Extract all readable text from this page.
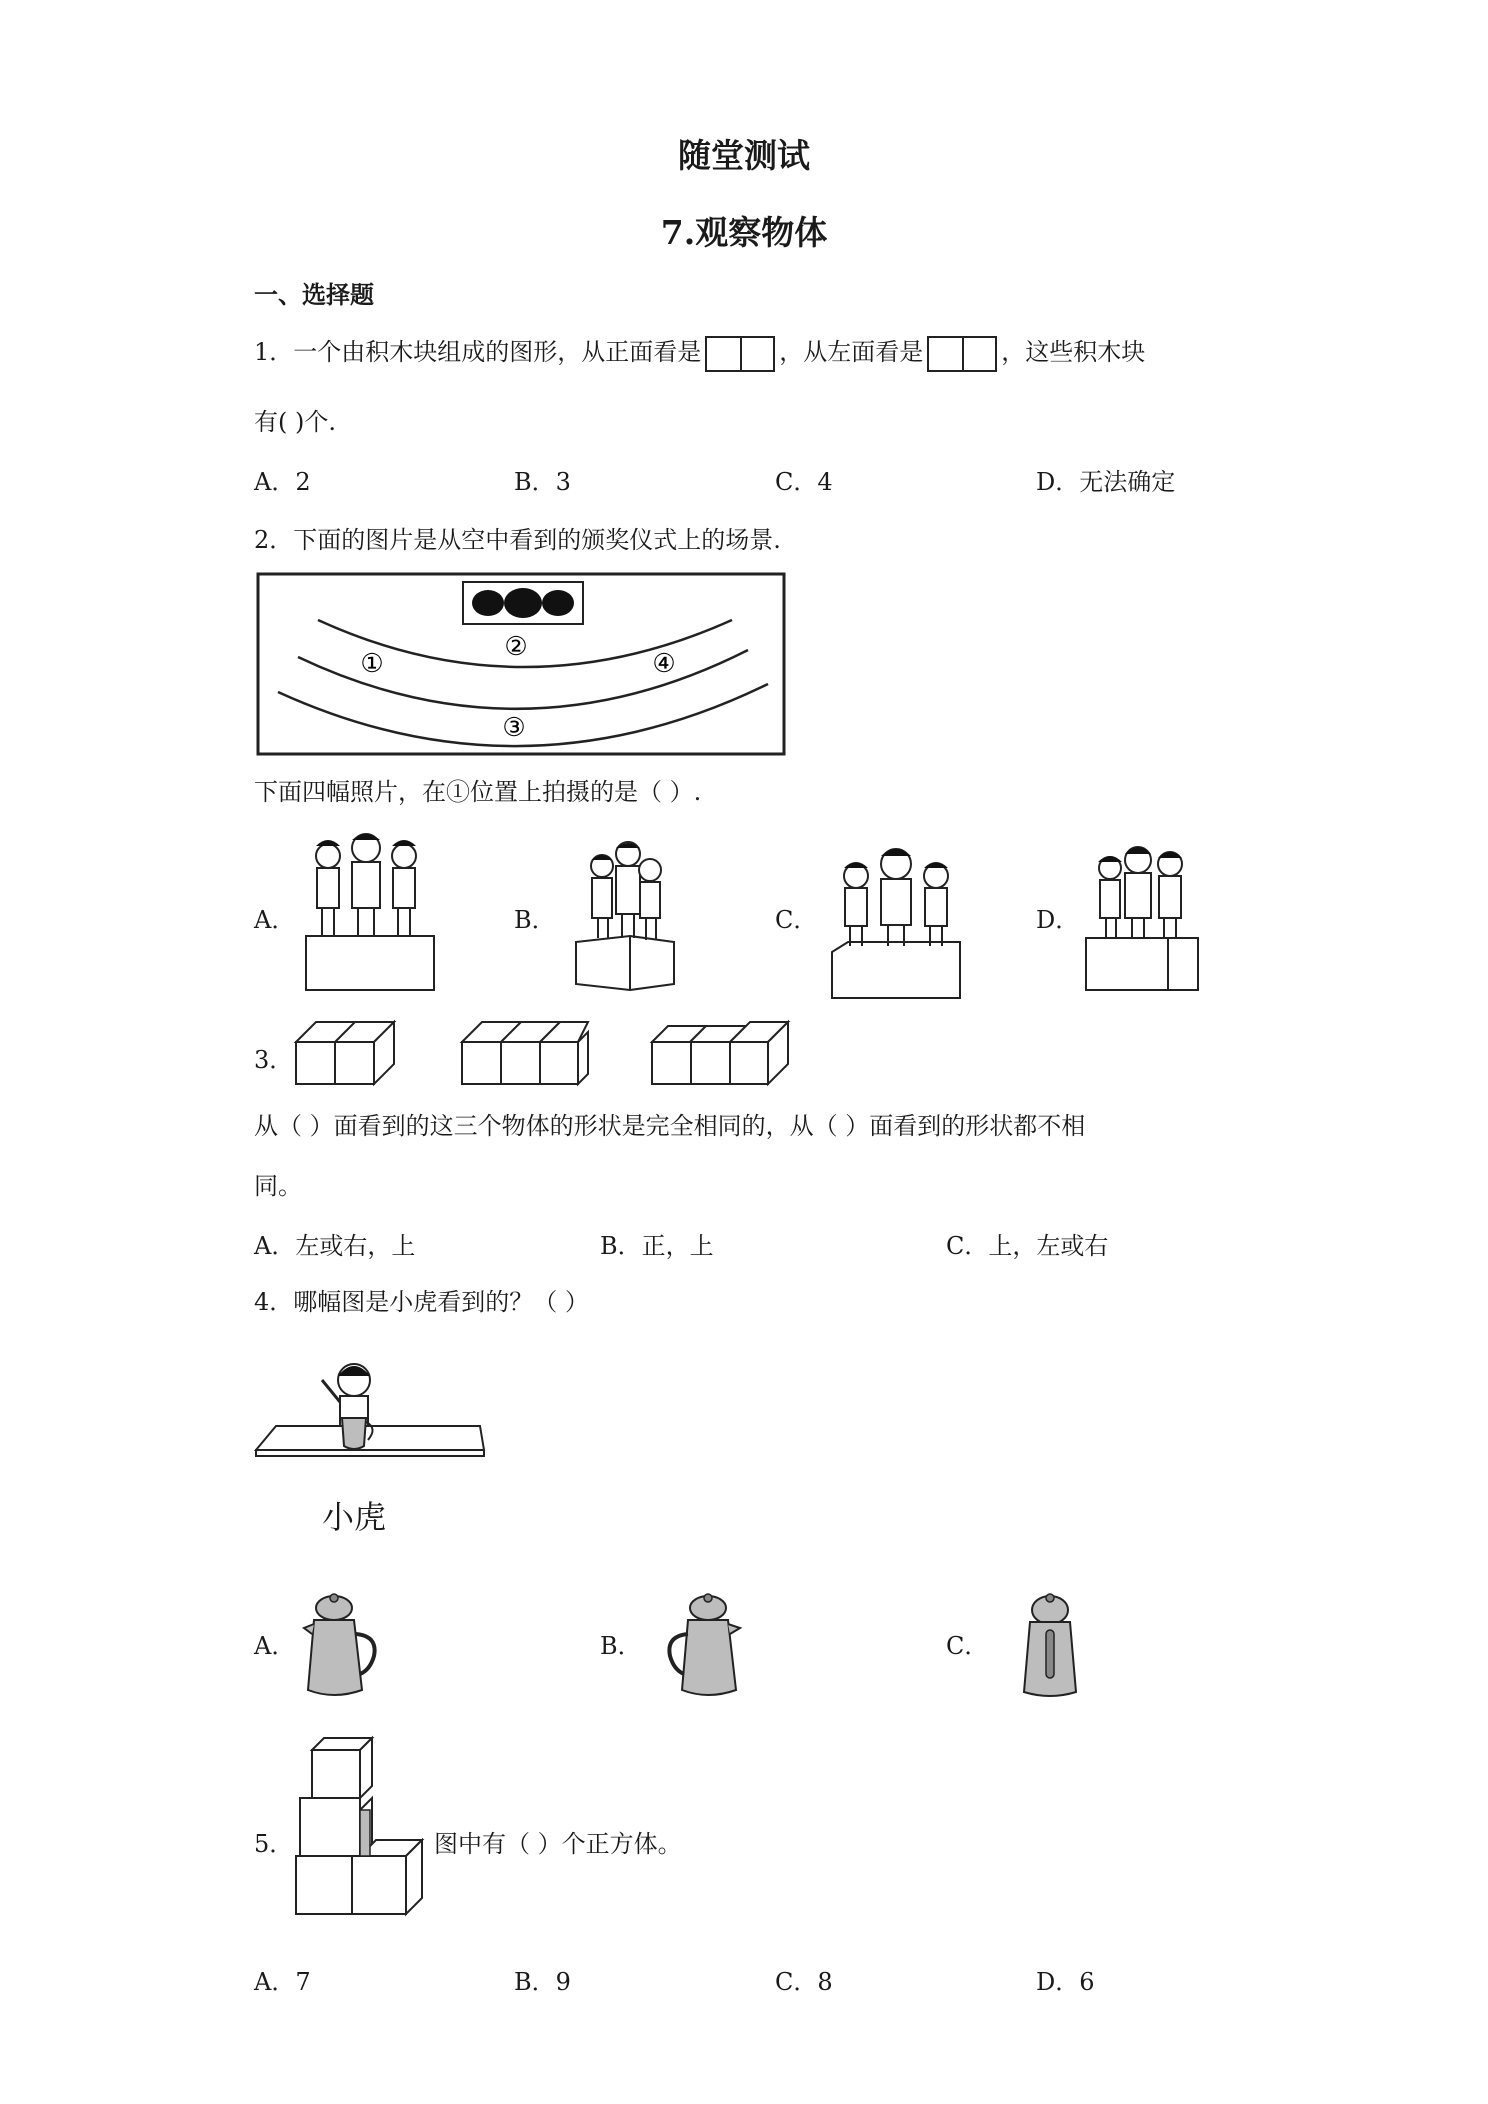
随堂测试
7.观察物体
一、选择题
1．一个由积木块组成的图形，从正面看是	，从左面看是	，这些积木块
有( )个.
A．2	B．3	C．4	D．无法确定
2．下面的图片是从空中看到的颁奖仪式上的场景.
①
②
③
④
下面四幅照片，在①位置上拍摄的是（ ）.
A．	B．	C．	D．
3．
从（ ）面看到的这三个物体的形状是完全相同的，从（ ）面看到的形状都不相
同。
A．左或右，上	B．正，上	C．上，左或右
4．哪幅图是小虎看到的？（ ）
小虎
A．	B．	C．
5．	图中有（ ）个正方体。
A．7	B．9	C．8	D．6
